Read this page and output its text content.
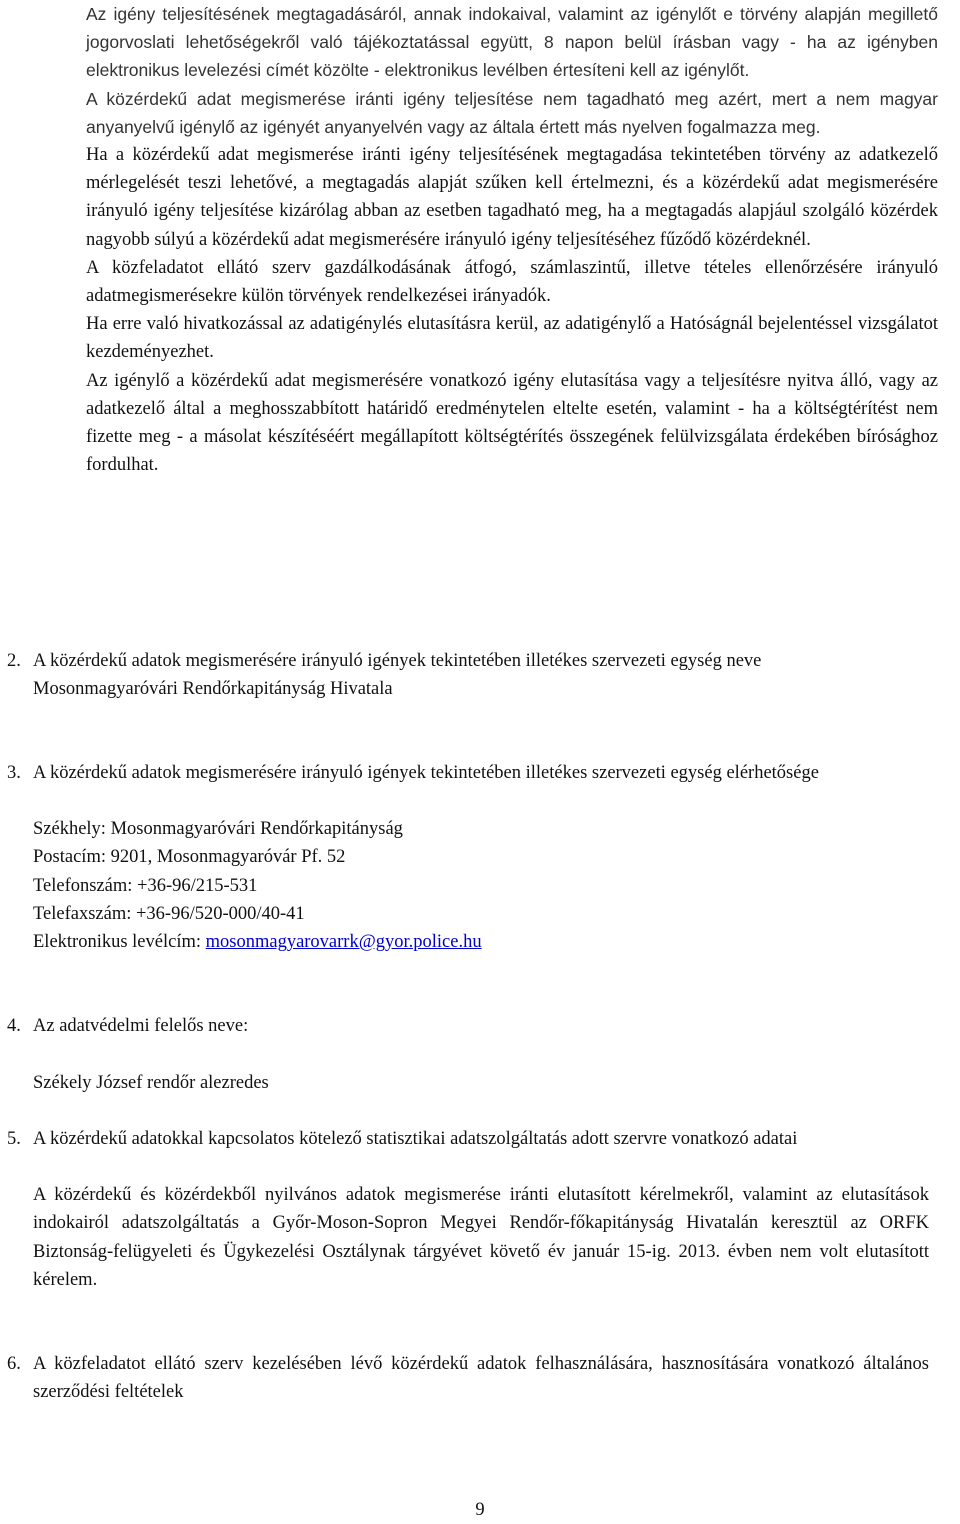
Az igény teljesítésének megtagadásáról, annak indokaival, valamint az igénylőt e törvény alapján megillető jogorvoslati lehetőségekről való tájékoztatással együtt, 8 napon belül írásban vagy - ha az igényben elektronikus levelezési címét közölte - elektronikus levélben értesíteni kell az igénylőt.

A közérdekű adat megismerése iránti igény teljesítése nem tagadható meg azért, mert a nem magyar anyanyelvű igénylő az igényét anyanyelvén vagy az általa értett más nyelven fogalmazza meg.

Ha a közérdekű adat megismerése iránti igény teljesítésének megtagadása tekintetében törvény az adatkezelő mérlegelését teszi lehetővé, a megtagadás alapját szűken kell értelmezni, és a közérdekű adat megismerésére irányuló igény teljesítése kizárólag abban az esetben tagadható meg, ha a megtagadás alapjául szolgáló közérdek nagyobb súlyú a közérdekű adat megismerésére irányuló igény teljesítéséhez fűződő közérdeknél.

A közfeladatot ellátó szerv gazdálkodásának átfogó, számlaszintű, illetve tételes ellenőrzésére irányuló adatmegismerésekre külön törvények rendelkezései irányadók.

Ha erre való hivatkozással az adatigénylés elutasításra kerül, az adatigénylő a Hatóságnál bejelentéssel vizsgálatot kezdeményezhet.

Az igénylő a közérdekű adat megismerésére vonatkozó igény elutasítása vagy a teljesítésre nyitva álló, vagy az adatkezelő által a meghosszabbított határidő eredménytelen eltelte esetén, valamint - ha a költségtérítést nem fizette meg - a másolat készítéséért megállapított költségtérítés összegének felülvizsgálata érdekében bírósághoz fordulhat.

2. A közérdekű adatok megismerésére irányuló igények tekintetében illetékes szervezeti egység neve

Mosonmagyaróvári Rendőrkapitányság Hivatala

3. A közérdekű adatok megismerésére irányuló igények tekintetében illetékes szervezeti egység elérhetősége

Székhely: Mosonmagyaróvári Rendőrkapitányság

Postacím: 9201, Mosonmagyaróvár Pf. 52

Telefonszám: +36-96/215-531

Telefaxszám: +36-96/520-000/40-41

Elektronikus levélcím: mosonmagyarovarrk@gyor.police.hu

4. Az adatvédelmi felelős neve:

Székely József rendőr alezredes

5. A közérdekű adatokkal kapcsolatos kötelező statisztikai adatszolgáltatás adott szervre vonatkozó adatai

A közérdekű és közérdekből nyilvános adatok megismerése iránti elutasított kérelmekről, valamint az elutasítások indokairól adatszolgáltatás a Győr-Moson-Sopron Megyei Rendőr-főkapitányság Hivatalán keresztül az ORFK Biztonság-felügyeleti és Ügykezelési Osztálynak tárgyévet követő év január 15-ig. 2013. évben nem volt elutasított kérelem.

6. A közfeladatot ellátó szerv kezelésében lévő közérdekű adatok felhasználására, hasznosítására vonatkozó általános szerződési feltételek

9
